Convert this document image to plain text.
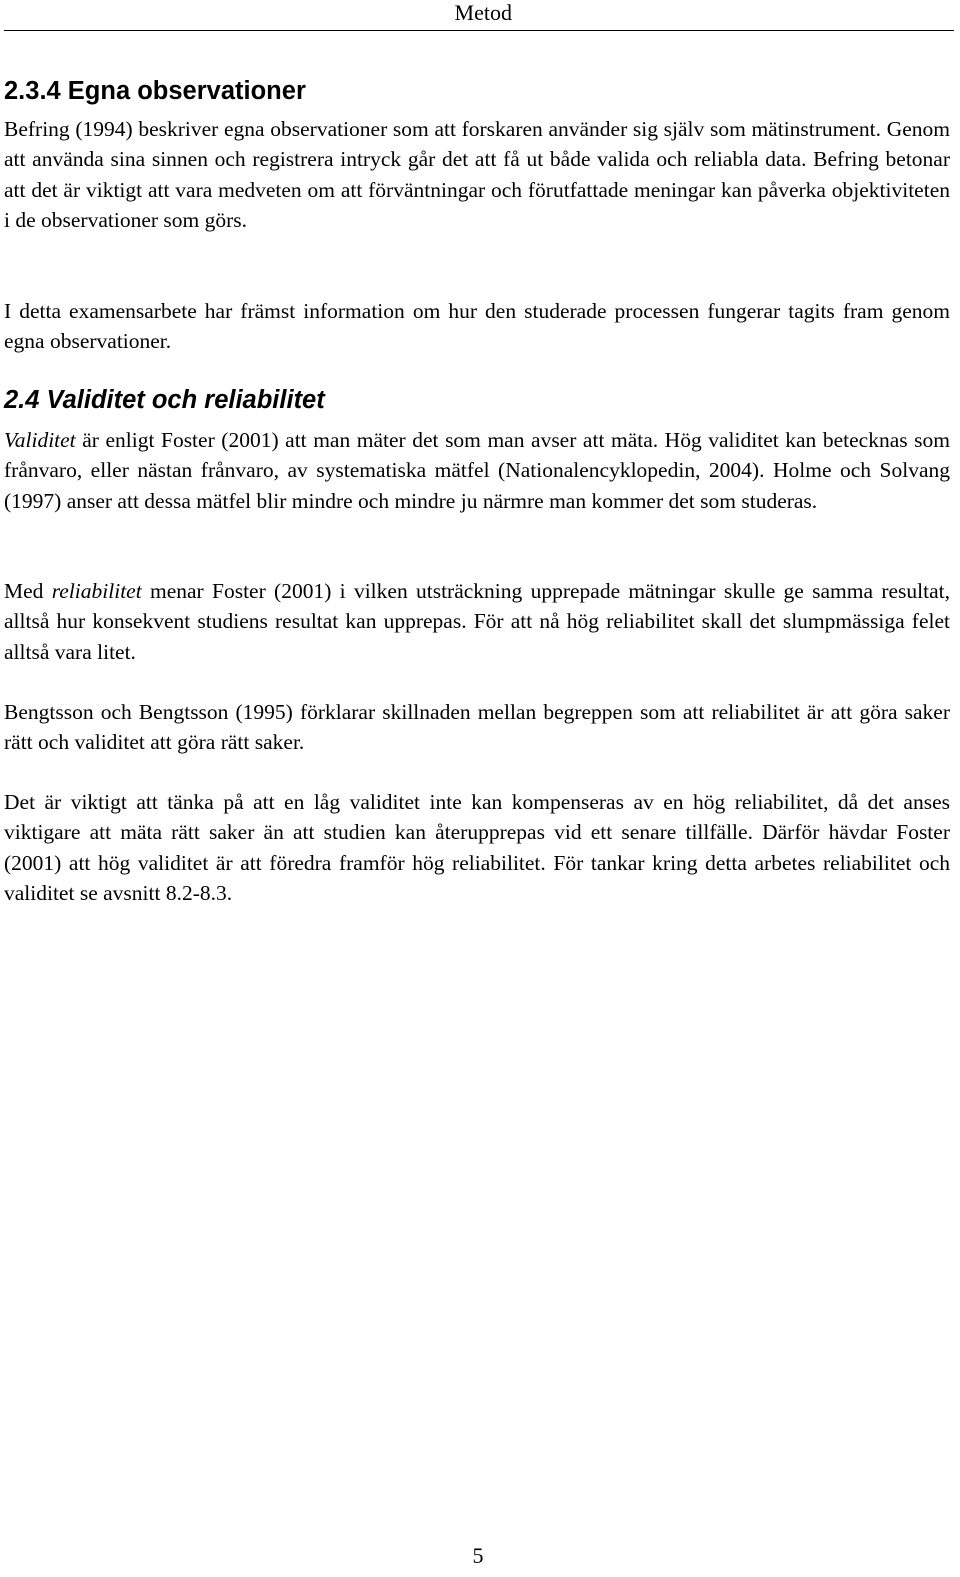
Metod
2.3.4 Egna observationer

Befring (1994) beskriver egna observationer som att forskaren använder sig själv som mätinstrument. Genom att använda sina sinnen och registrera intryck går det att få ut både valida och reliabla data. Befring betonar att det är viktigt att vara medveten om att förväntningar och förutfattade meningar kan påverka objektiviteten i de observationer som görs.

I detta examensarbete har främst information om hur den studerade processen fungerar tagits fram genom egna observationer.

2.4 Validitet och reliabilitet

Validitet är enligt Foster (2001) att man mäter det som man avser att mäta. Hög validitet kan betecknas som frånvaro, eller nästan frånvaro, av systematiska mätfel (Nationalencyklopedin, 2004). Holme och Solvang (1997) anser att dessa mätfel blir mindre och mindre ju närmre man kommer det som studeras.

Med reliabilitet menar Foster (2001) i vilken utsträckning upprepade mätningar skulle ge samma resultat, alltså hur konsekvent studiens resultat kan upprepas. För att nå hög reliabilitet skall det slumpmässiga felet alltså vara litet.

Bengtsson och Bengtsson (1995) förklarar skillnaden mellan begreppen som att reliabilitet är att göra saker rätt och validitet att göra rätt saker.

Det är viktigt att tänka på att en låg validitet inte kan kompenseras av en hög reliabilitet, då det anses viktigare att mäta rätt saker än att studien kan återupprepas vid ett senare tillfälle. Därför hävdar Foster (2001) att hög validitet är att föredra framför hög reliabilitet. För tankar kring detta arbetes reliabilitet och validitet se avsnitt 8.2-8.3.

5
